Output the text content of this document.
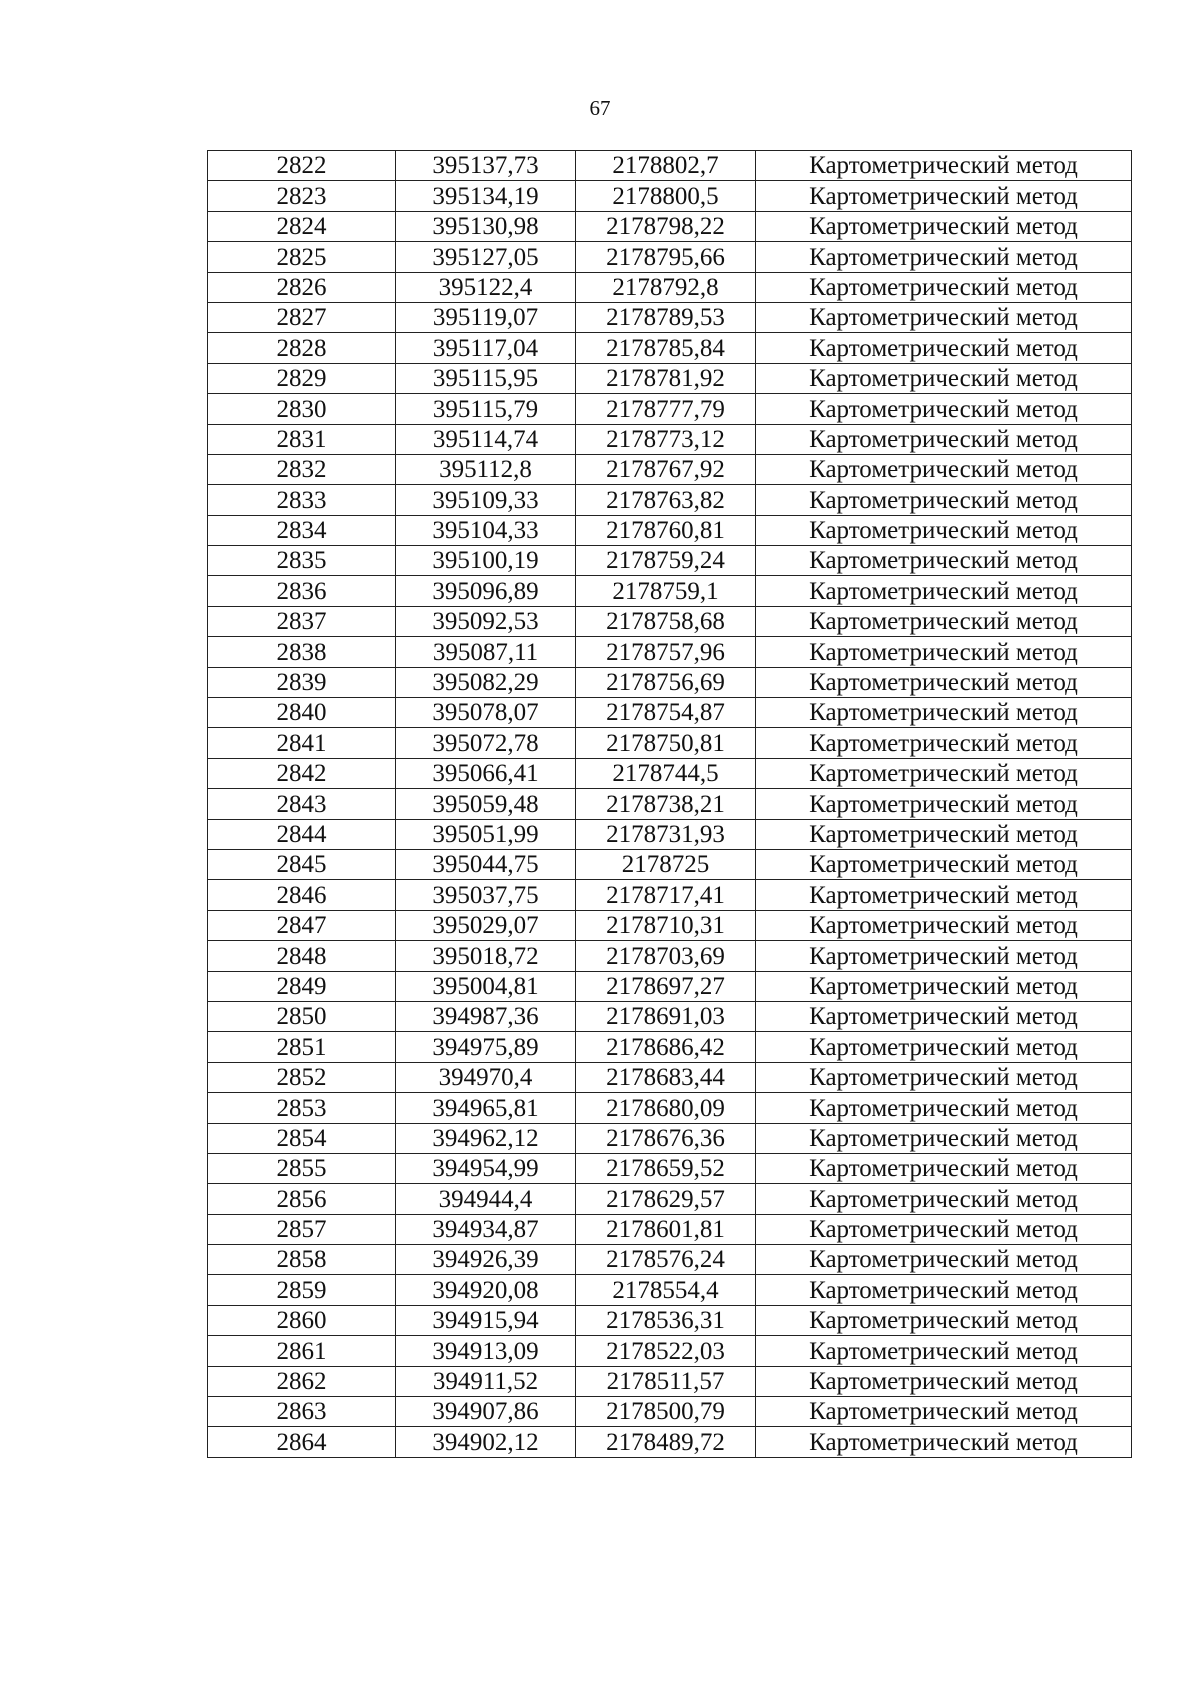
67
2822	395137,73	2178802,7	Картометрический метод
2823	395134,19	2178800,5	Картометрический метод
2824	395130,98	2178798,22	Картометрический метод
2825	395127,05	2178795,66	Картометрический метод
2826	395122,4	2178792,8	Картометрический метод
2827	395119,07	2178789,53	Картометрический метод
2828	395117,04	2178785,84	Картометрический метод
2829	395115,95	2178781,92	Картометрический метод
2830	395115,79	2178777,79	Картометрический метод
2831	395114,74	2178773,12	Картометрический метод
2832	395112,8	2178767,92	Картометрический метод
2833	395109,33	2178763,82	Картометрический метод
2834	395104,33	2178760,81	Картометрический метод
2835	395100,19	2178759,24	Картометрический метод
2836	395096,89	2178759,1	Картометрический метод
2837	395092,53	2178758,68	Картометрический метод
2838	395087,11	2178757,96	Картометрический метод
2839	395082,29	2178756,69	Картометрический метод
2840	395078,07	2178754,87	Картометрический метод
2841	395072,78	2178750,81	Картометрический метод
2842	395066,41	2178744,5	Картометрический метод
2843	395059,48	2178738,21	Картометрический метод
2844	395051,99	2178731,93	Картометрический метод
2845	395044,75	2178725	Картометрический метод
2846	395037,75	2178717,41	Картометрический метод
2847	395029,07	2178710,31	Картометрический метод
2848	395018,72	2178703,69	Картометрический метод
2849	395004,81	2178697,27	Картометрический метод
2850	394987,36	2178691,03	Картометрический метод
2851	394975,89	2178686,42	Картометрический метод
2852	394970,4	2178683,44	Картометрический метод
2853	394965,81	2178680,09	Картометрический метод
2854	394962,12	2178676,36	Картометрический метод
2855	394954,99	2178659,52	Картометрический метод
2856	394944,4	2178629,57	Картометрический метод
2857	394934,87	2178601,81	Картометрический метод
2858	394926,39	2178576,24	Картометрический метод
2859	394920,08	2178554,4	Картометрический метод
2860	394915,94	2178536,31	Картометрический метод
2861	394913,09	2178522,03	Картометрический метод
2862	394911,52	2178511,57	Картометрический метод
2863	394907,86	2178500,79	Картометрический метод
2864	394902,12	2178489,72	Картометрический метод
